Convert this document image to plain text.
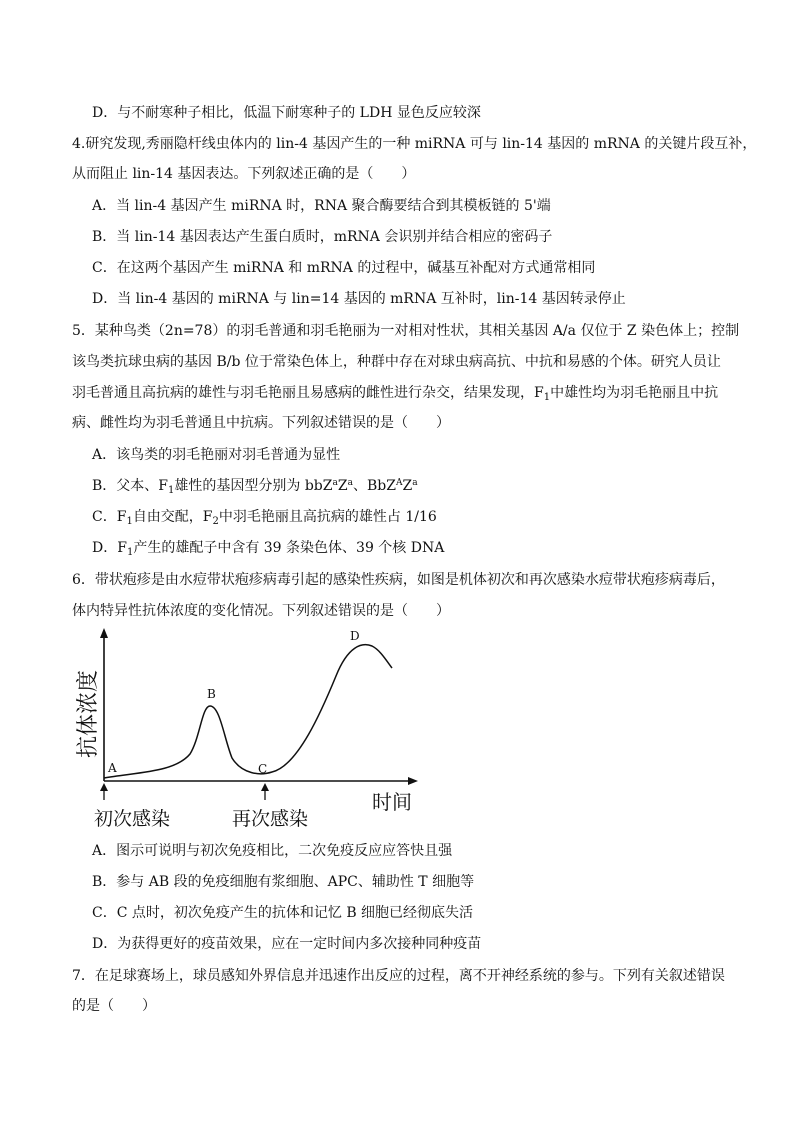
D．与不耐寒种子相比，低温下耐寒种子的 LDH 显色反应较深
4.研究发现,秀丽隐杆线虫体内的 lin-4 基因产生的一种 miRNA 可与 lin-14 基因的 mRNA 的关键片段互补，
从而阻止 lin-14 基因表达。下列叙述正确的是（　　）
A．当 lin-4 基因产生 miRNA 时，RNA 聚合酶要结合到其模板链的 5'端
B．当 lin-14 基因表达产生蛋白质时，mRNA 会识别并结合相应的密码子
C．在这两个基因产生 miRNA 和 mRNA 的过程中，碱基互补配对方式通常相同
D．当 lin-4 基因的 miRNA 与 lin=14 基因的 mRNA 互补时，lin-14 基因转录停止
5．某种鸟类（2n=78）的羽毛普通和羽毛艳丽为一对相对性状，其相关基因 A/a 仅位于 Z 染色体上；控制
该鸟类抗球虫病的基因 B/b 位于常染色体上，种群中存在对球虫病高抗、中抗和易感的个体。研究人员让
羽毛普通且高抗病的雄性与羽毛艳丽且易感病的雌性进行杂交，结果发现，$F_1$中雄性均为羽毛艳丽且中抗
病、雌性均为羽毛普通且中抗病。下列叙述错误的是（　　）
A．该鸟类的羽毛艳丽对羽毛普通为显性
B．父本、$F_1$雄性的基因型分别为 $bbZ^aZ^a$、$BbZ^AZ^a$
C．$F_1$自由交配，$F_2$中羽毛艳丽且高抗病的雄性占 1/16
D．$F_1$产生的雄配子中含有 39 条染色体、39 个核 DNA
6．带状疱疹是由水痘带状疱疹病毒引起的感染性疾病，如图是机体初次和再次感染水痘带状疱疹病毒后，
体内特异性抗体浓度的变化情况。下列叙述错误的是（　　）
抗体浓度
时间
初次感染	再次感染
A
B
C
D
A．图示可说明与初次免疫相比，二次免疫反应应答快且强
B．参与 AB 段的免疫细胞有浆细胞、APC、辅助性 T 细胞等
C．C 点时，初次免疫产生的抗体和记忆 B 细胞已经彻底失活
D．为获得更好的疫苗效果，应在一定时间内多次接种同种疫苗
7．在足球赛场上，球员感知外界信息并迅速作出反应的过程，离不开神经系统的参与。下列有关叙述错误
的是（　　）
